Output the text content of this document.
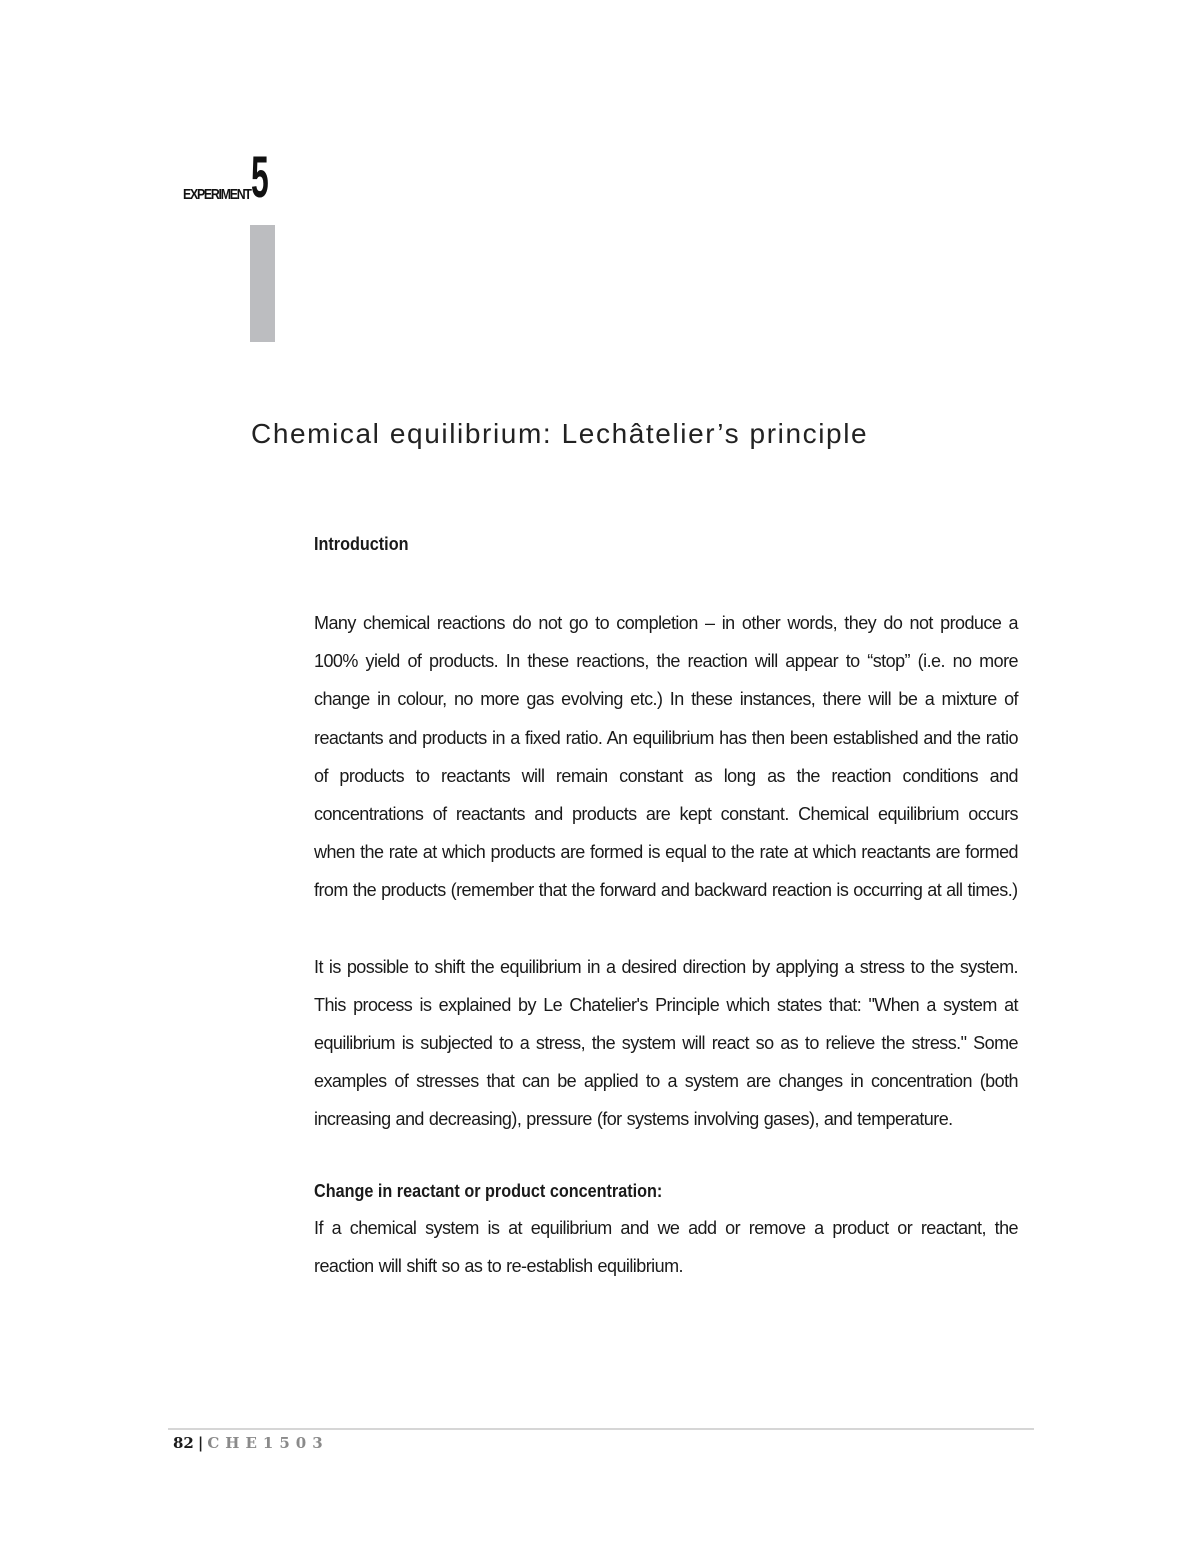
EXPERIMENT 5
Chemical equilibrium: Lechâtelier’s principle

Introduction

Many chemical reactions do not go to completion – in other words, they do not produce a 100% yield of products. In these reactions, the reaction will appear to “stop” (i.e. no more change in colour, no more gas evolving etc.) In these instances, there will be a mixture of reactants and products in a fixed ratio. An equilibrium has then been established and the ratio of products to reactants will remain constant as long as the reaction conditions and concentrations of reactants and products are kept constant. Chemical equilibrium occurs when the rate at which products are formed is equal to the rate at which reactants are formed from the products (remember that the forward and backward reaction is occurring at all times.)

It is possible to shift the equilibrium in a desired direction by applying a stress to the system. This process is explained by Le Chatelier's Principle which states that: "When a system at equilibrium is subjected to a stress, the system will react so as to relieve the stress." Some examples of stresses that can be applied to a system are changes in concentration (both increasing and decreasing), pressure (for systems involving gases), and temperature.

Change in reactant or product concentration:

If a chemical system is at equilibrium and we add or remove a product or reactant, the reaction will shift so as to re-establish equilibrium.

82 | CHE1503
